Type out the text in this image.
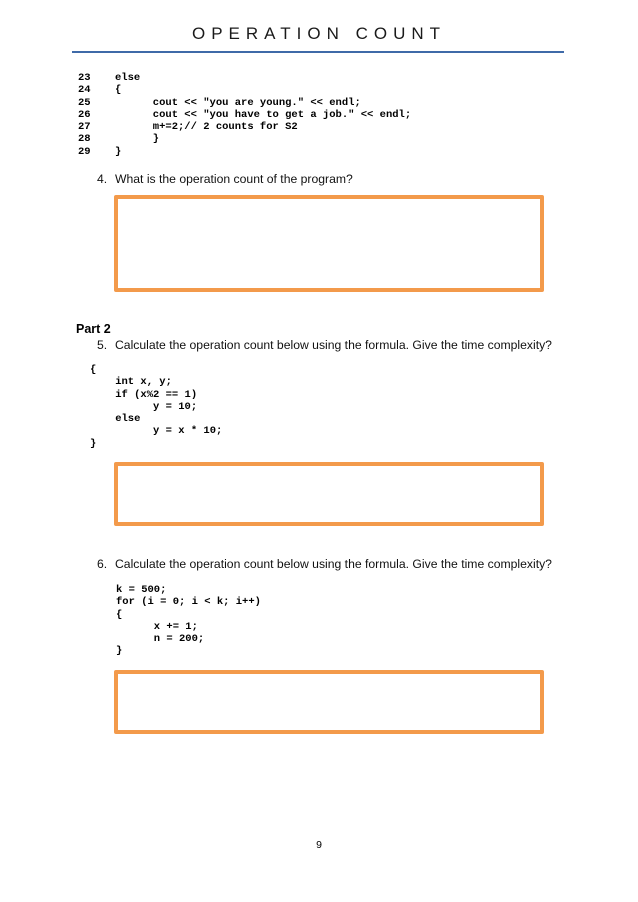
OPERATION COUNT
23 else
24 {
25      cout << "you are young." << endl;
26      cout << "you have to get a job." << endl;
27      m+=2;// 2 counts for S2
28      }
29 }
4. What is the operation count of the program?
Part 2
5. Calculate the operation count below using the formula. Give the time complexity?
{
int x, y;
if (x%2 == 1)
y = 10;
else
y = x * 10;
}
6. Calculate the operation count below using the formula. Give the time complexity?
k = 500;
for (i = 0; i < k; i++)
{
x += 1;
n = 200;
}
9
